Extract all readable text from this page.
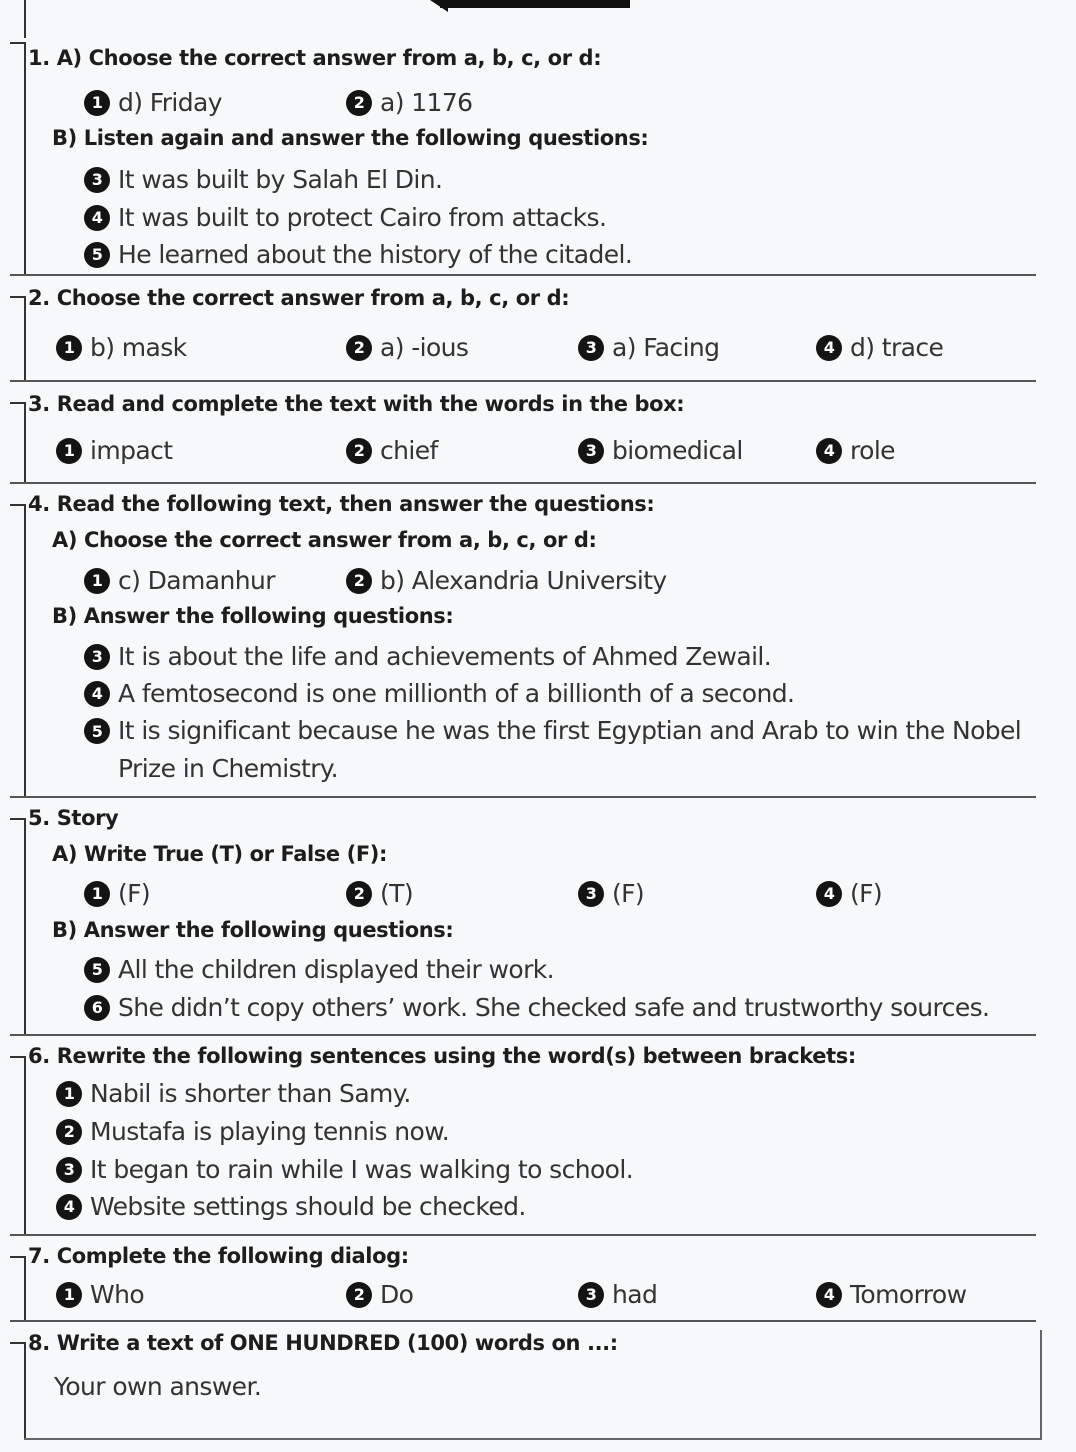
1. A) Choose the correct answer from a, b, c, or d:
1 d) Friday	2 a) 1176
B) Listen again and answer the following questions:
3 It was built by Salah El Din.
4 It was built to protect Cairo from attacks.
5 He learned about the history of the citadel.
2. Choose the correct answer from a, b, c, or d:
1 b) mask	2 a) -ious	3 a) Facing	4 d) trace
3. Read and complete the text with the words in the box:
1 impact	2 chief	3 biomedical	4 role
4. Read the following text, then answer the questions:
A) Choose the correct answer from a, b, c, or d:
1 c) Damanhur	2 b) Alexandria University
B) Answer the following questions:
3 It is about the life and achievements of Ahmed Zewail.
4 A femtosecond is one millionth of a billionth of a second.
5 It is significant because he was the first Egyptian and Arab to win the Nobel Prize in Chemistry.
5. Story
A) Write True (T) or False (F):
1 (F)	2 (T)	3 (F)	4 (F)
B) Answer the following questions:
5 All the children displayed their work.
6 She didn’t copy others’ work. She checked safe and trustworthy sources.
6. Rewrite the following sentences using the word(s) between brackets:
1 Nabil is shorter than Samy.
2 Mustafa is playing tennis now.
3 It began to rain while I was walking to school.
4 Website settings should be checked.
7. Complete the following dialog:
1 Who	2 Do	3 had	4 Tomorrow
8. Write a text of ONE HUNDRED (100) words on ...:
Your own answer.
